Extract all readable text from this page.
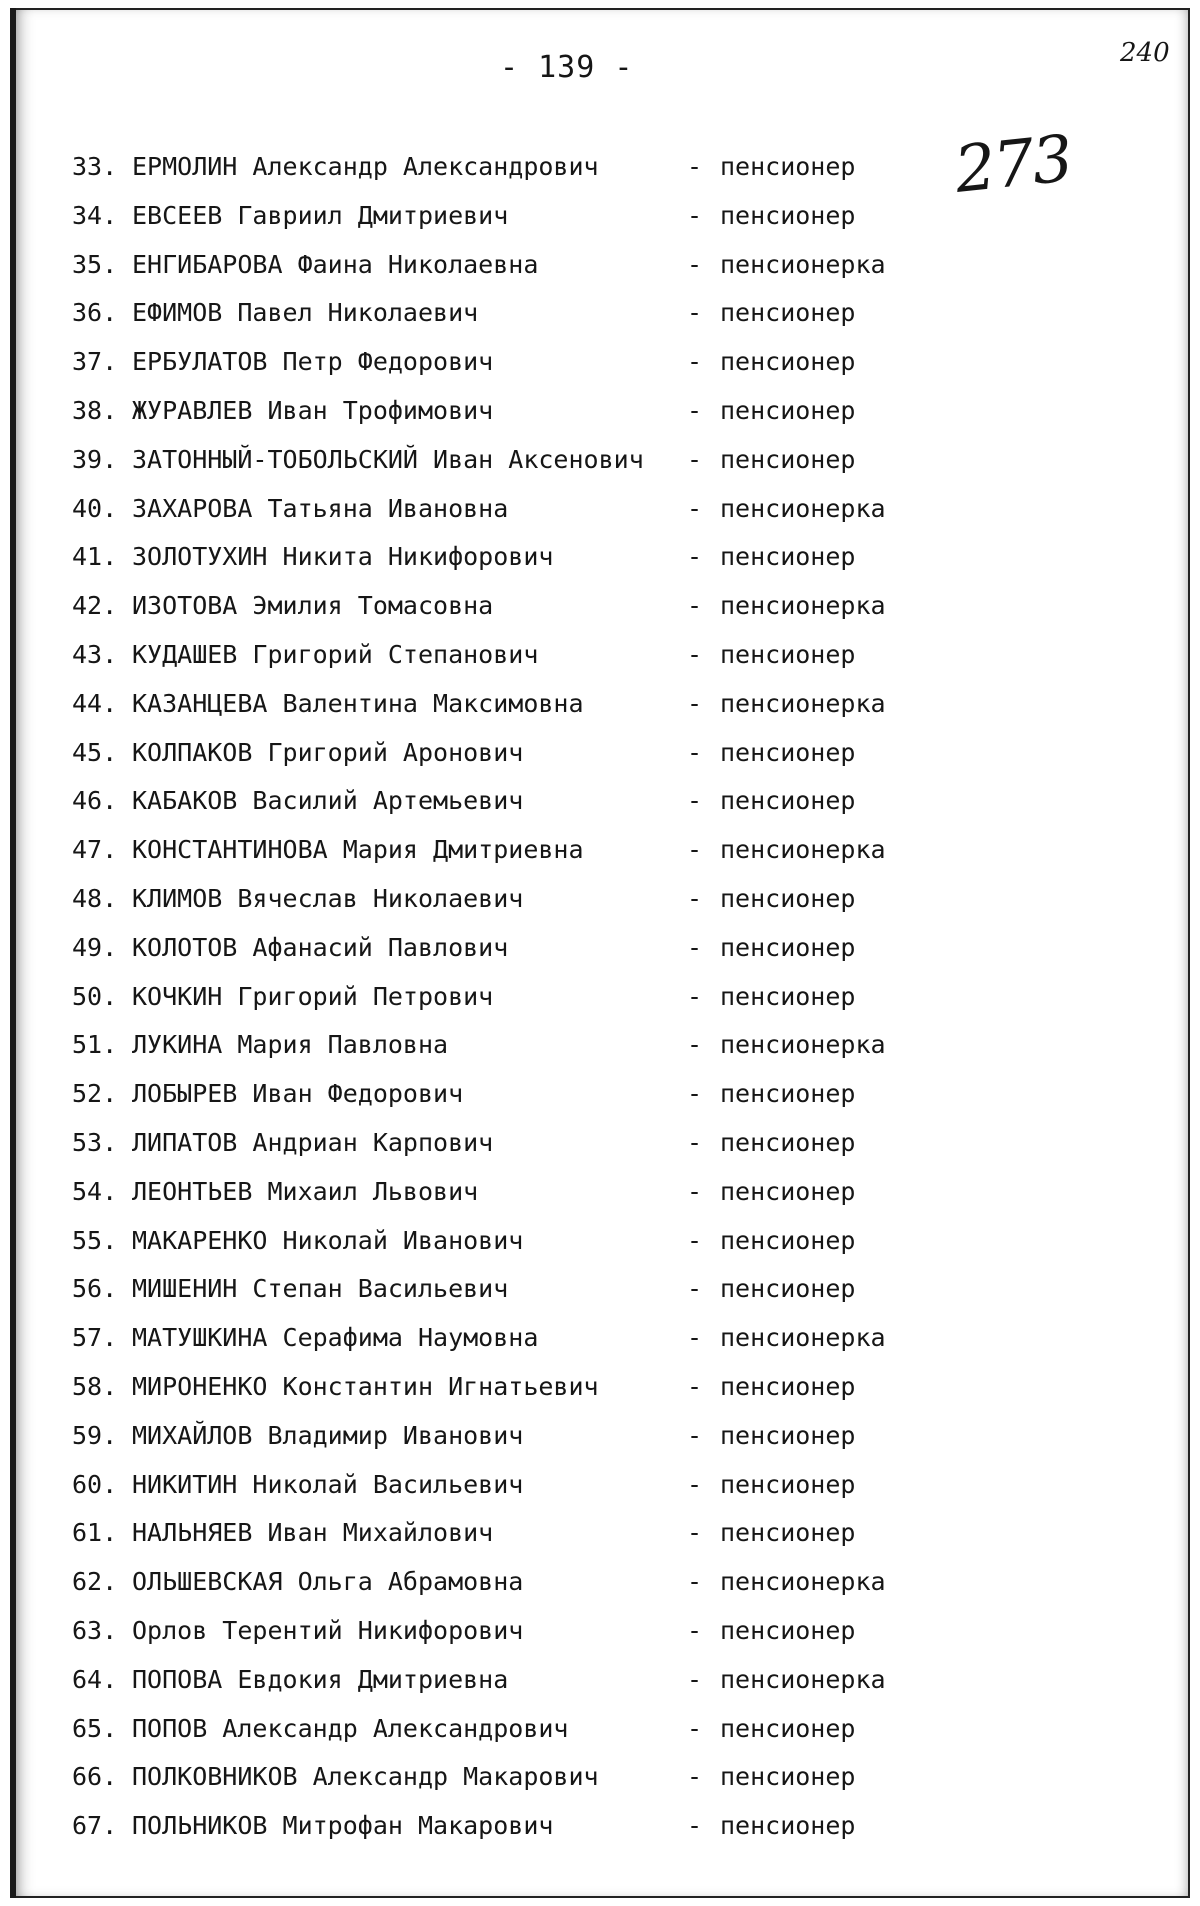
- 139 -	240
273
33. ЕРМОЛИН Александр Александрович	- пенсионер
34. ЕВСЕЕВ Гавриил Дмитриевич	- пенсионер
35. ЕНГИБАРОВА Фаина Николаевна	- пенсионерка
36. ЕФИМОВ Павел Николаевич	- пенсионер
37. ЕРБУЛАТОВ Петр Федорович	- пенсионер
38. ЖУРАВЛЕВ Иван Трофимович	- пенсионер
39. ЗАТОННЫЙ-ТОБОЛЬСКИЙ Иван Аксенович - пенсионер
40. ЗАХАРОВА Татьяна Ивановна	- пенсионерка
41. ЗОЛОТУХИН Никита Никифорович	- пенсионер
42. ИЗОТОВА Эмилия Томасовна	- пенсионерка
43. КУДАШЕВ Григорий Степанович	- пенсионер
44. КАЗАНЦЕВА Валентина Максимовна	- пенсионерка
45. КОЛПАКОВ Григорий Аронович	- пенсионер
46. КАБАКОВ Василий Артемьевич	- пенсионер
47. КОНСТАНТИНОВА Мария Дмитриевна	- пенсионерка
48. КЛИМОВ Вячеслав Николаевич	- пенсионер
49. КОЛОТОВ Афанасий Павлович	- пенсионер
50. КОЧКИН Григорий Петрович	- пенсионер
51. ЛУКИНА Мария Павловна	- пенсионерка
52. ЛОБЫРЕВ Иван Федорович	- пенсионер
53. ЛИПАТОВ Андриан Карпович	- пенсионер
54. ЛЕОНТЬЕВ Михаил Львович	- пенсионер
55. МАКАРЕНКО Николай Иванович	- пенсионер
56. МИШЕНИН Степан Васильевич	- пенсионер
57. МАТУШКИНА Серафима Наумовна	- пенсионерка
58. МИРОНЕНКО Константин Игнатьевич	- пенсионер
59. МИХАЙЛОВ Владимир Иванович	- пенсионер
60. НИКИТИН Николай Васильевич	- пенсионер
61. НАЛЬНЯЕВ Иван Михайлович	- пенсионер
62. ОЛЬШЕВСКАЯ Ольга Абрамовна	- пенсионерка
63. Орлов Терентий Никифорович	- пенсионер
64. ПОПОВА Евдокия Дмитриевна	- пенсионерка
65. ПОПОВ Александр Александрович	- пенсионер
66. ПОЛКОВНИКОВ Александр Макарович	- пенсионер
67. ПОЛЬНИКОВ Митрофан Макарович	- пенсионер
